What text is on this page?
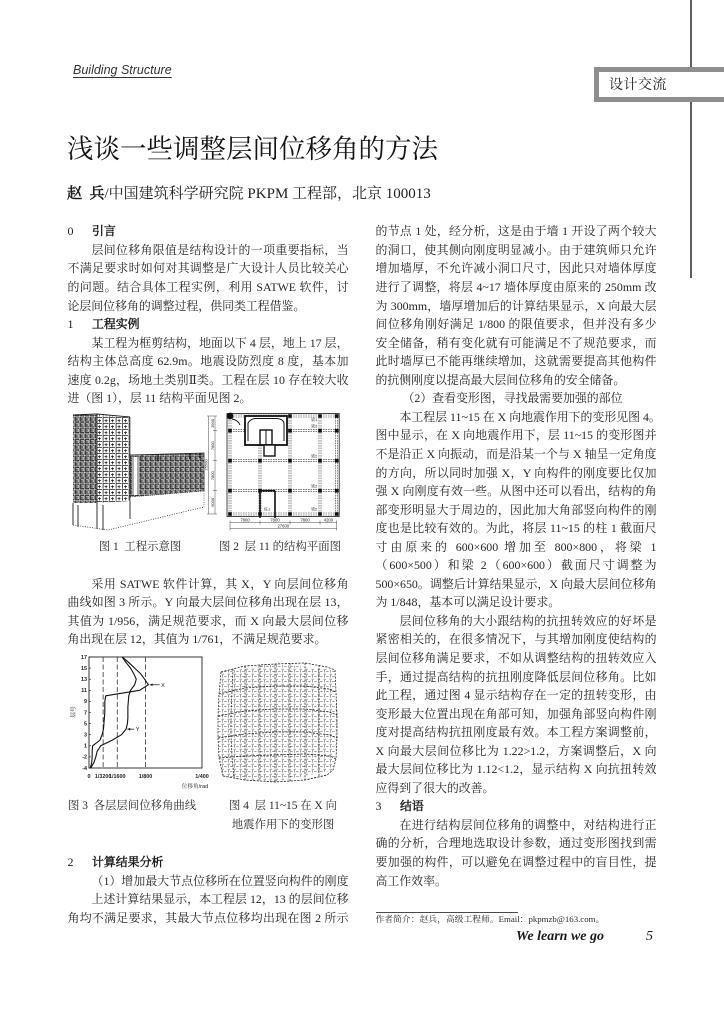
Building Structure
设计交流
浅谈一些调整层间位移角的方法
赵  兵/中国建筑科学研究院 PKPM 工程部，北京 100013
0 引言
层间位移角限值是结构设计的一项重要指标，当
不满足要求时如何对其调整是广大设计人员比较关心
的问题。结合具体工程实例，利用 SATWE 软件，讨
论层间位移角的调整过程，供同类工程借鉴。
1 工程实例
某工程为框剪结构，地面以下 4 层，地上 17 层，
结构主体总高度 62.9m。地震设防烈度 8 度，基本加
速度 0.2g，场地土类别Ⅱ类。工程在层 10 存在较大收
进（图 1），层 11 结构平面见图 2。
采用 SATWE 软件计算，其 X，Y 向层间位移角
曲线如图 3 所示。Y 向最大层间位移角出现在层 13，
其值为 1/956，满足规范要求，而 X 向最大层间位移
角出现在层 12，其值为 1/761，不满足规范要求。
2 计算结果分析
（1）增加最大节点位移所在位置竖向构件的刚度
上述计算结果显示，本工程层 12，13 的层间位移
角均不满足要求，其最大节点位移均出现在图 2 所示
的节点 1 处，经分析，这是由于墙 1 开设了两个较大
的洞口，使其侧向刚度明显减小。由于建筑师只允许
增加墙厚，不允许减小洞口尺寸，因此只对墙体厚度
进行了调整，将层 4~17 墙体厚度由原来的 250mm 改
为 300mm，墙厚增加后的计算结果显示，X 向最大层
间位移角刚好满足 1/800 的限值要求，但并没有多少
安全储备，稍有变化就有可能满足不了规范要求，而
此时墙厚已不能再继续增加，这就需要提高其他构件
的抗侧刚度以提高最大层间位移角的安全储备。
（2）查看变形图，寻找最需要加强的部位
本工程层 11~15 在 X 向地震作用下的变形见图 4。
图中显示，在 X 向地震作用下，层 11~15 的变形图并
不是沿正 X 向振动，而是沿某一个与 X 轴呈一定角度
的方向，所以同时加强 X，Y 向构件的刚度要比仅加
强 X 向刚度有效一些。从图中还可以看出，结构的角
部变形明显大于周边的，因此加大角部竖向构件的刚
度也是比较有效的。为此，将层 11~15 的柱 1 截面尺
寸由原来的 600×600 增加至 800×800，将梁 1
（600×500）和梁 2（600×600）截面尺寸调整为
500×650。调整后计算结果显示，X 向最大层间位移角
为 1/848，基本可以满足设计要求。
层间位移角的大小跟结构的抗扭转效应的好坏是
紧密相关的，在很多情况下，与其增加刚度使结构的
层间位移角满足要求，不如从调整结构的扭转效应入
手，通过提高结构的抗扭刚度降低层间位移角。比如
此工程，通过图 4 显示结构存在一定的扭转变形，由
变形最大位置出现在角部可知，加强角部竖向构件刚
度对提高结构抗扭刚度最有效。本工程方案调整前，
X 向最大层间位移比为 1.22>1.2，方案调整后，X 向
最大层间位移比为 1.12<1.2，显示结构 X 向抗扭转效
应得到了很大的改善。
3 结语
在进行结构层间位移角的调整中，对结构进行正
确的分析，合理地选取设计参数，通过变形图找到需
要加强的构件，可以避免在调整过程中的盲目性，提
高工作效率。
7800	7800	7800	4200
27600
3900
7800
7800
6000
25500
梁1
梁2
梁2
梁2
柱1	梁2
17
15
13
11
9
7
5
3
1
-2
-4
0 1/3200
1/1600 1/800	1/400
位移角/rad
层号
X
Y
图 1  工程示意图	图 2  层 11 的结构平面图
图 3  各层层间位移角曲线	图 4  层 11~15 在 X 向
地震作用下的变形图
作者简介：赵兵，高级工程师。Email：pkpmzb@163.com。
We learn we go	5
